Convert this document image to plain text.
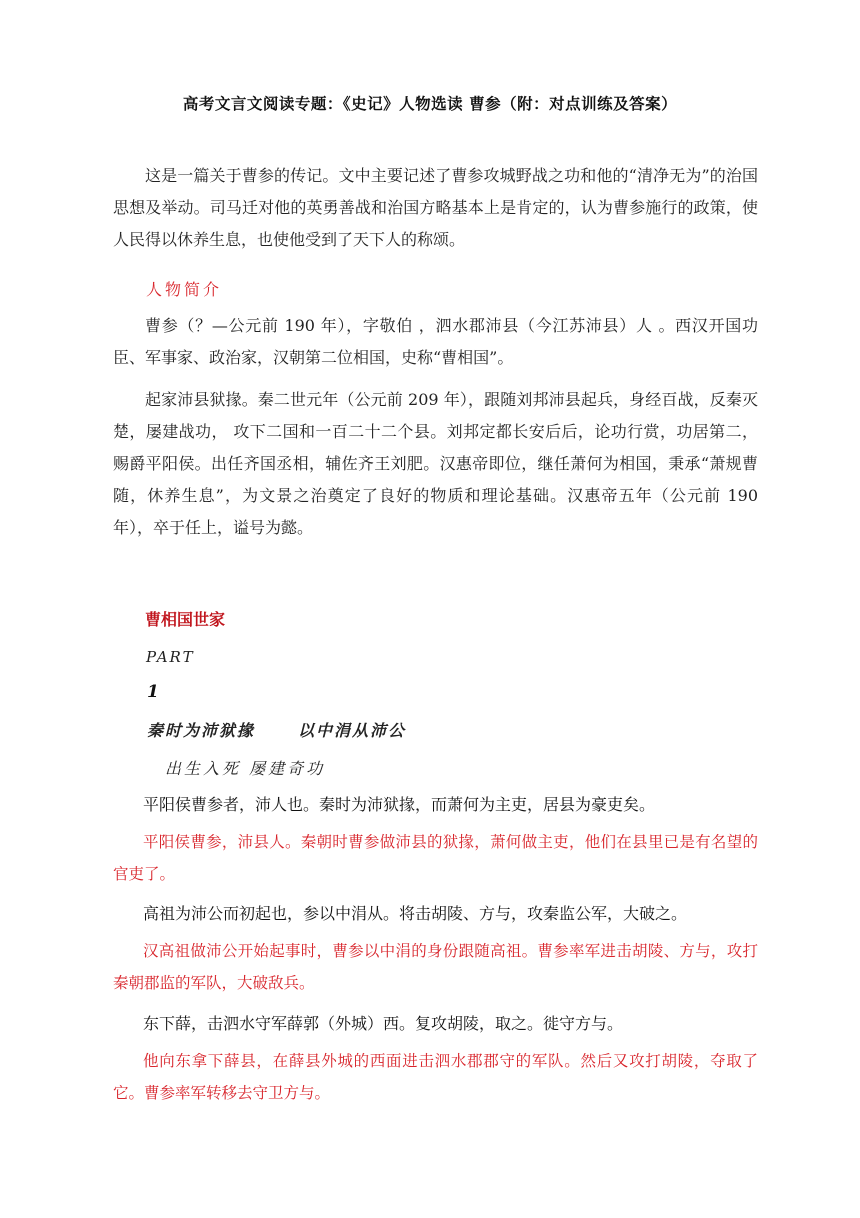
高考文言文阅读专题：《史记》人物选读 曹参（附：对点训练及答案）
这是一篇关于曹参的传记。文中主要记述了曹参攻城野战之功和他的“清净无为”的治国思想及举动。司马迁对他的英勇善战和治国方略基本上是肯定的，认为曹参施行的政策，使人民得以休养生息，也使他受到了天下人的称颂。
人物简介
曹参（？—公元前 190 年），字敬伯 ，泗水郡沛县（今江苏沛县）人 。西汉开国功臣、军事家、政治家，汉朝第二位相国，史称“曹相国”。
起家沛县狱掾。秦二世元年（公元前 209 年），跟随刘邦沛县起兵，身经百战，反秦灭楚，屡建战功， 攻下二国和一百二十二个县。刘邦定都长安后后，论功行赏，功居第二，赐爵平阳侯。出任齐国丞相，辅佐齐王刘肥。汉惠帝即位，继任萧何为相国，秉承“萧规曹随，休养生息”，为文景之治奠定了良好的物质和理论基础。汉惠帝五年（公元前 190 年），卒于任上，谥号为懿。
曹相国世家
PART
1
秦时为沛狱掾	以中涓从沛公
出生入死 屡建奇功
平阳侯曹参者，沛人也。秦时为沛狱掾，而萧何为主吏，居县为豪吏矣。
平阳侯曹参，沛县人。秦朝时曹参做沛县的狱掾，萧何做主吏，他们在县里已是有名望的官吏了。
高祖为沛公而初起也，参以中涓从。将击胡陵、方与，攻秦监公军，大破之。
汉高祖做沛公开始起事时，曹参以中涓的身份跟随高祖。曹参率军进击胡陵、方与，攻打秦朝郡监的军队，大破敌兵。
东下薛，击泗水守军薛郭（外城）西。复攻胡陵，取之。徙守方与。
他向东拿下薛县，在薛县外城的西面进击泗水郡郡守的军队。然后又攻打胡陵，夺取了它。曹参率军转移去守卫方与。
